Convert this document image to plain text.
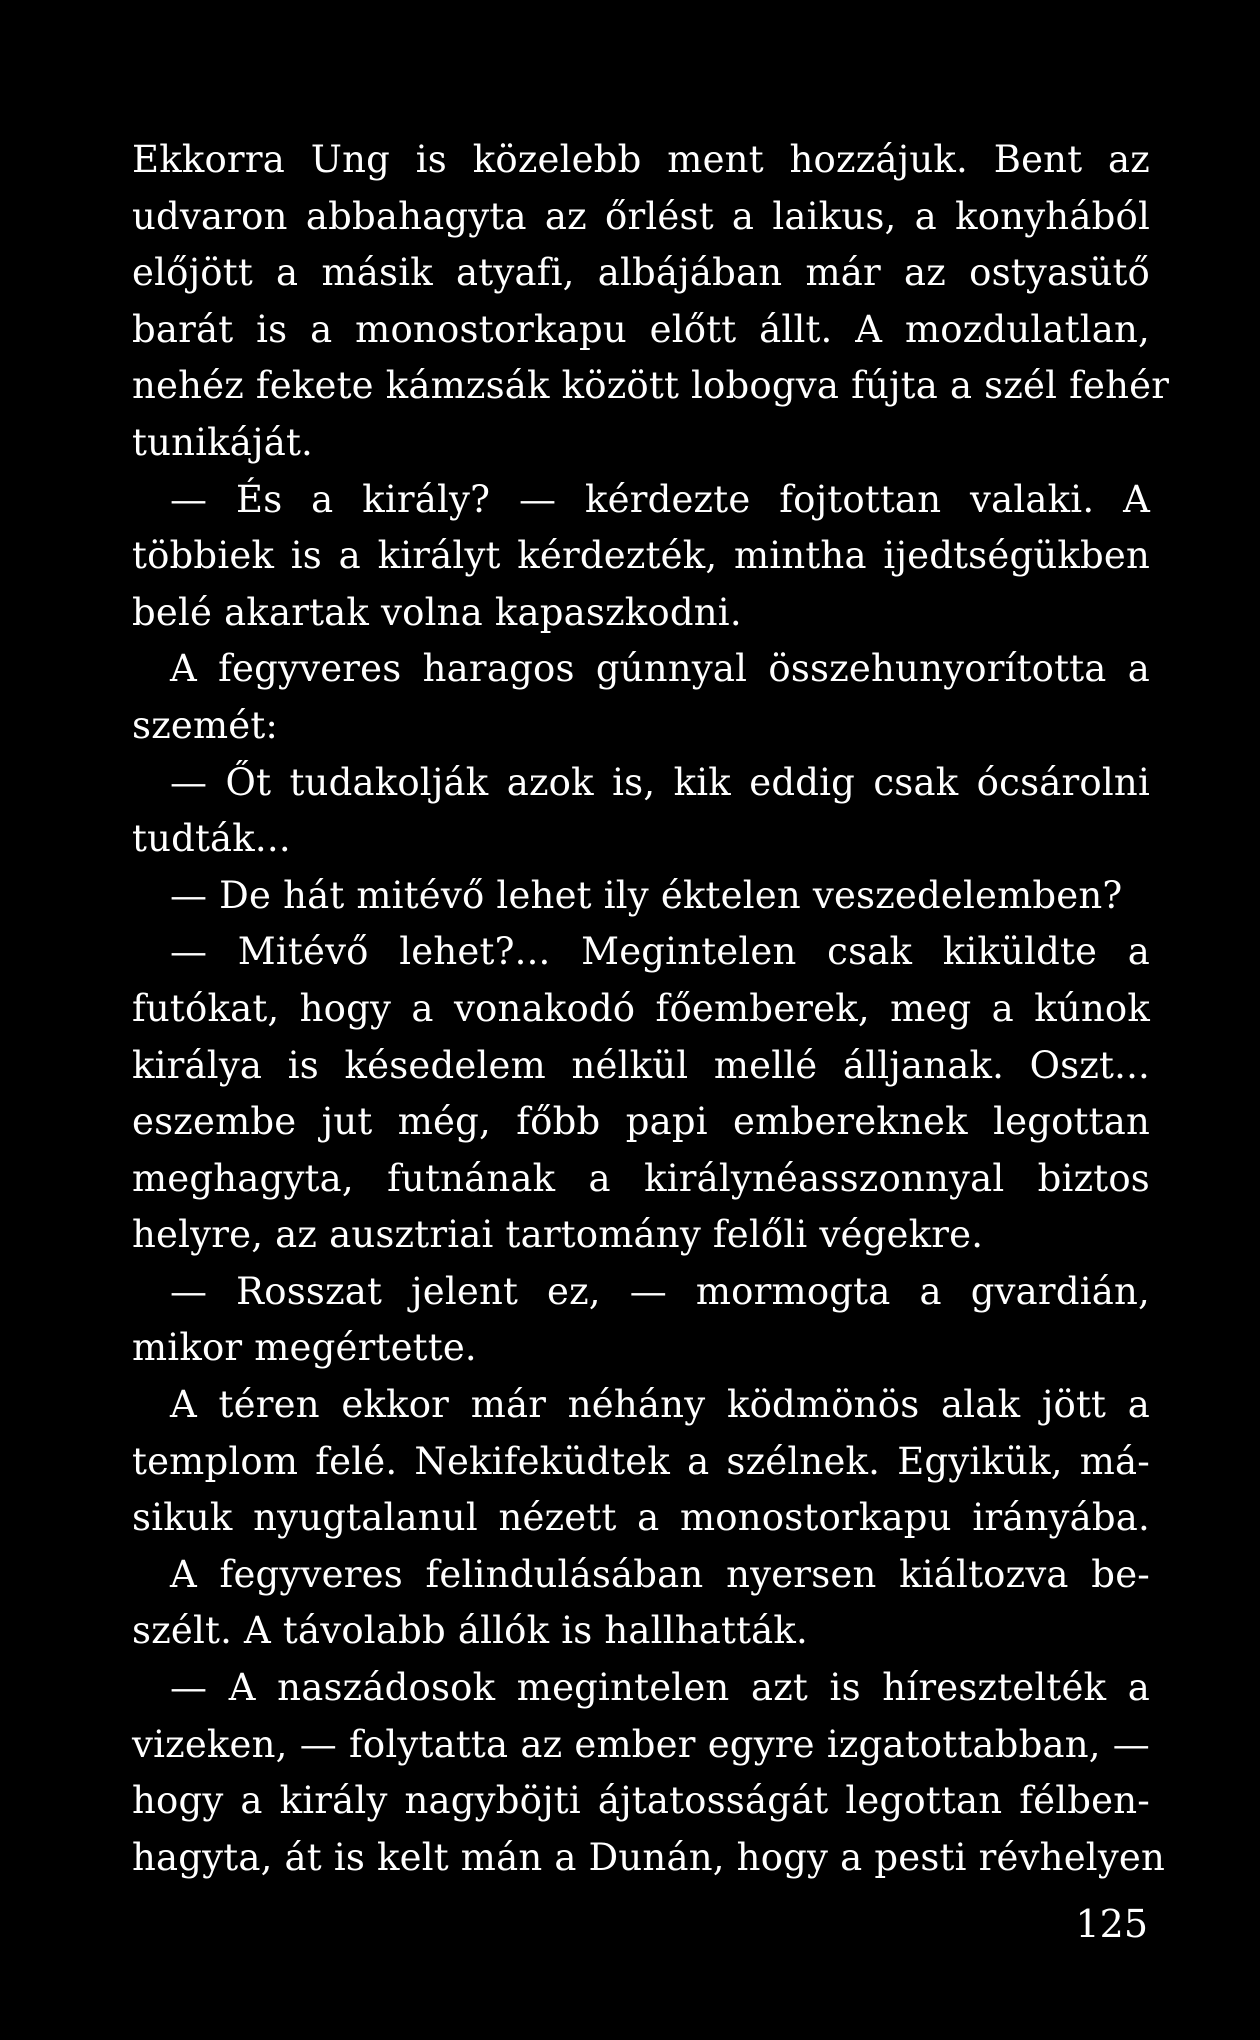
Ekkorra Ung is közelebb ment hozzájuk. Bent az
udvaron abbahagyta az őrlést a laikus, a konyhából
előjött a másik atyafi, albájában már az ostyasütő
barát is a monostorkapu előtt állt. A mozdulatlan,
nehéz fekete kámzsák között lobogva fújta a szél fehér
tunikáját.
— És a király? — kérdezte fojtottan valaki. A
többiek is a királyt kérdezték, mintha ijedtségükben
belé akartak volna kapaszkodni.
A fegyveres haragos gúnnyal összehunyorította a
szemét:
— Őt tudakolják azok is, kik eddig csak ócsárolni
tudták...
— De hát mitévő lehet ily éktelen veszedelemben?
— Mitévő lehet?... Megintelen csak kiküldte a
futókat, hogy a vonakodó főemberek, meg a kúnok
királya is késedelem nélkül mellé álljanak. Oszt...
eszembe jut még, főbb papi embereknek legottan
meghagyta, futnának a királynéasszonnyal biztos
helyre, az ausztriai tartomány felőli végekre.
— Rosszat jelent ez, — mormogta a gvardián,
mikor megértette.
A téren ekkor már néhány ködmönös alak jött a
templom felé. Nekifeküdtek a szélnek. Egyikük, má-
sikuk nyugtalanul nézett a monostorkapu irányába.
A fegyveres felindulásában nyersen kiáltozva be-
szélt. A távolabb állók is hallhatták.
— A naszádosok megintelen azt is híresztelték a
vizeken, — folytatta az ember egyre izgatottabban, —
hogy a király nagyböjti ájtatosságát legottan félben-
hagyta, át is kelt mán a Dunán, hogy a pesti révhelyen
125
